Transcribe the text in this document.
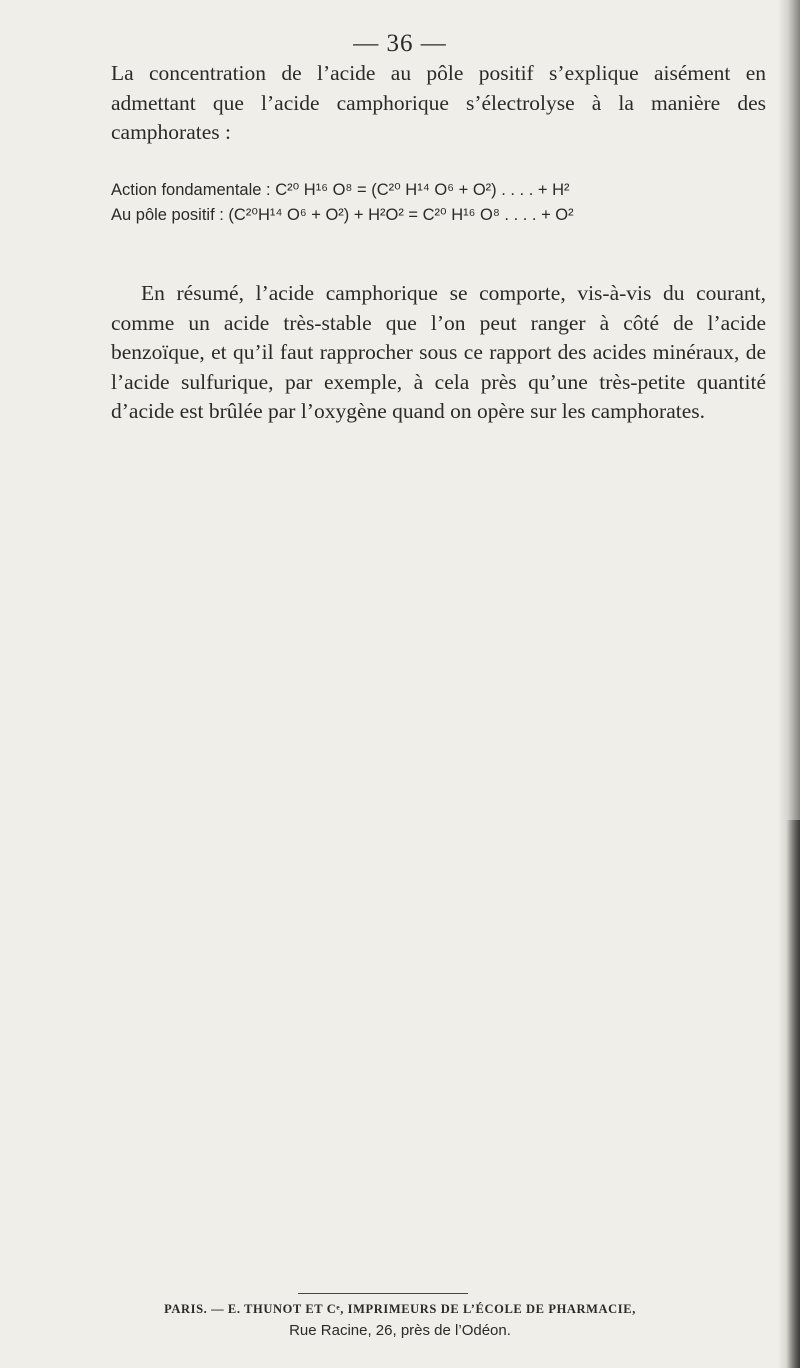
— 36 —

La concentration de l’acide au pôle positif s’explique aisément en admettant que l’acide camphorique s’électrolyse à la manière des camphorates :

Action fondamentale : C²⁰ H¹⁶ O⁸ = (C²⁰ H¹⁴ O⁶ + O²) . . . . + H²
Au pôle positif : (C²⁰H¹⁴ O⁶ + O²) + H²O² = C²⁰ H¹⁶ O⁸ . . . . + O²

En résumé, l’acide camphorique se comporte, vis-à-vis du courant, comme un acide très-stable que l’on peut ranger à côté de l’acide benzoïque, et qu’il faut rapprocher sous ce rapport des acides minéraux, de l’acide sulfurique, par exemple, à cela près qu’une très-petite quantité d’acide est brûlée par l’oxygène quand on opère sur les camphorates.

PARIS. — E. THUNOT ET Cᵉ, IMPRIMEURS DE L’ÉCOLE DE PHARMACIE,
Rue Racine, 26, près de l’Odéon.
